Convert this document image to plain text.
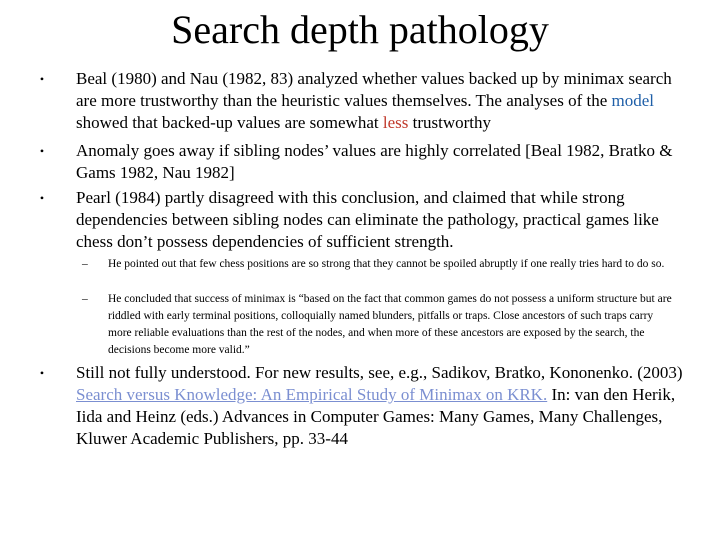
Search depth pathology
• Beal (1980) and Nau (1982, 83) analyzed whether values backed up by minimax search are more trustworthy than the heuristic values themselves. The analyses of the model showed that backed-up values are somewhat less trustworthy
• Anomaly goes away if sibling nodes’ values are highly correlated [Beal 1982, Bratko & Gams 1982, Nau 1982]
• Pearl (1984) partly disagreed with this conclusion, and claimed that while strong dependencies between sibling nodes can eliminate the pathology, practical games like chess don’t possess dependencies of sufficient strength.
– He pointed out that few chess positions are so strong that they cannot be spoiled abruptly if one really tries hard to do so.
– He concluded that success of minimax is “based on the fact that common games do not possess a uniform structure but are riddled with early terminal positions, colloquially named blunders, pitfalls or traps. Close ancestors of such traps carry more reliable evaluations than the rest of the nodes, and when more of these ancestors are exposed by the search, the decisions become more valid.”
• Still not fully understood. For new results, see, e.g., Sadikov, Bratko, Kononenko. (2003) Search versus Knowledge: An Empirical Study of Minimax on KRK. In: van den Herik, Iida and Heinz (eds.) Advances in Computer Games: Many Games, Many Challenges, Kluwer Academic Publishers, pp. 33-44
